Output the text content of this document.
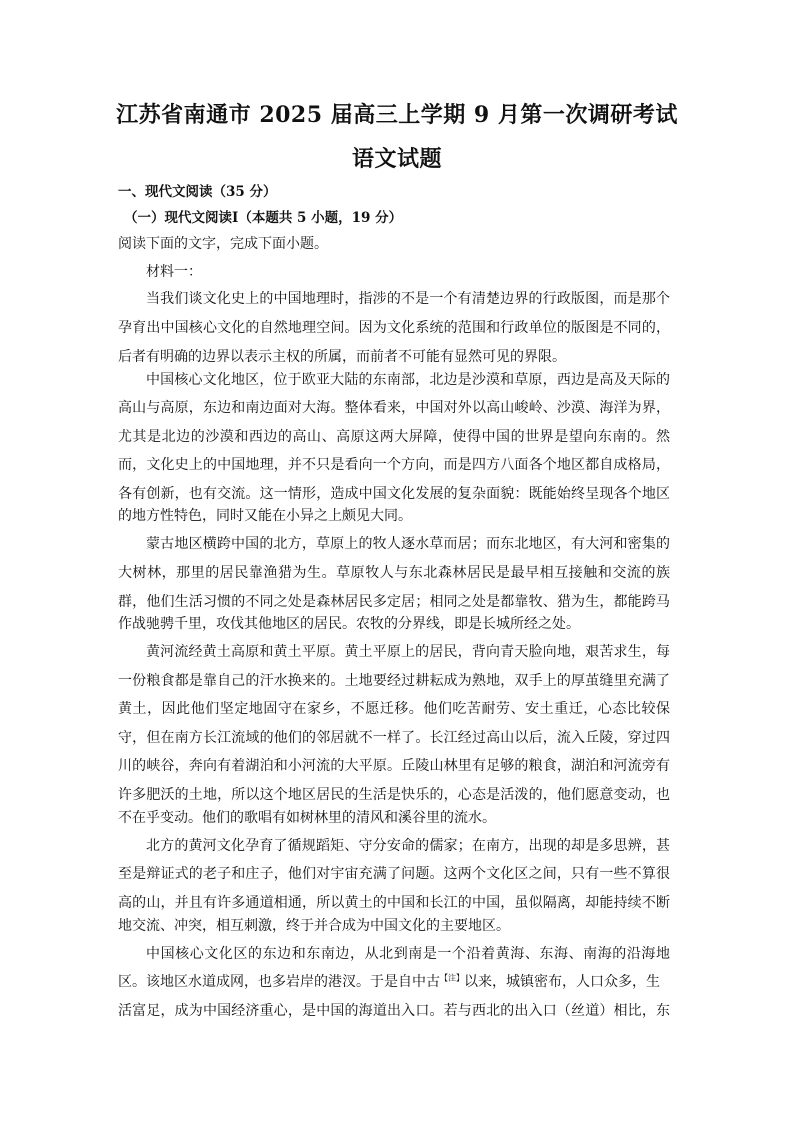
江苏省南通市 2025 届高三上学期 9 月第一次调研考试
语文试题
一、现代文阅读（35 分）
（一）现代文阅读Ⅰ（本题共 5 小题，19 分）
阅读下面的文字，完成下面小题。
材料一：
当我们谈文化史上的中国地理时，指涉的不是一个有清楚边界的行政版图，而是那个
孕育出中国核心文化的自然地理空间。因为文化系统的范围和行政单位的版图是不同的，
后者有明确的边界以表示主权的所属，而前者不可能有显然可见的界限。
中国核心文化地区，位于欧亚大陆的东南部，北边是沙漠和草原，西边是高及天际的
高山与高原，东边和南边面对大海。整体看来，中国对外以高山峻岭、沙漠、海洋为界，
尤其是北边的沙漠和西边的高山、高原这两大屏障，使得中国的世界是望向东南的。然
而，文化史上的中国地理，并不只是看向一个方向，而是四方八面各个地区都自成格局，
各有创新，也有交流。这一情形，造成中国文化发展的复杂面貌：既能始终呈现各个地区
的地方性特色，同时又能在小异之上颇见大同。
蒙古地区横跨中国的北方，草原上的牧人逐水草而居；而东北地区，有大河和密集的
大树林，那里的居民靠渔猎为生。草原牧人与东北森林居民是最早相互接触和交流的族
群，他们生活习惯的不同之处是森林居民多定居；相同之处是都靠牧、猎为生，都能跨马
作战驰骋千里，攻伐其他地区的居民。农牧的分界线，即是长城所经之处。
黄河流经黄土高原和黄土平原。黄土平原上的居民，背向青天脸向地，艰苦求生，每
一份粮食都是靠自己的汗水换来的。土地要经过耕耘成为熟地，双手上的厚茧缝里充满了
黄土，因此他们坚定地固守在家乡，不愿迁移。他们吃苦耐劳、安土重迁，心态比较保
守，但在南方长江流域的他们的邻居就不一样了。长江经过高山以后，流入丘陵，穿过四
川的峡谷，奔向有着湖泊和小河流的大平原。丘陵山林里有足够的粮食，湖泊和河流旁有
许多肥沃的土地，所以这个地区居民的生活是快乐的，心态是活泼的，他们愿意变动，也
不在乎变动。他们的歌唱有如树林里的清风和溪谷里的流水。
北方的黄河文化孕育了循规蹈矩、守分安命的儒家；在南方，出现的却是多思辨，甚
至是辩证式的老子和庄子，他们对宇宙充满了问题。这两个文化区之间，只有一些不算很
高的山，并且有许多通道相通，所以黄土的中国和长江的中国，虽似隔离，却能持续不断
地交流、冲突，相互刺激，终于并合成为中国文化的主要地区。
中国核心文化区的东边和东南边，从北到南是一个沿着黄海、东海、南海的沿海地
区。该地区水道成网，也多岩岸的港汊。于是自中古$^{【注】}$以来，城镇密布，人口众多，生
活富足，成为中国经济重心，是中国的海道出入口。若与西北的出入口（丝道）相比，东
